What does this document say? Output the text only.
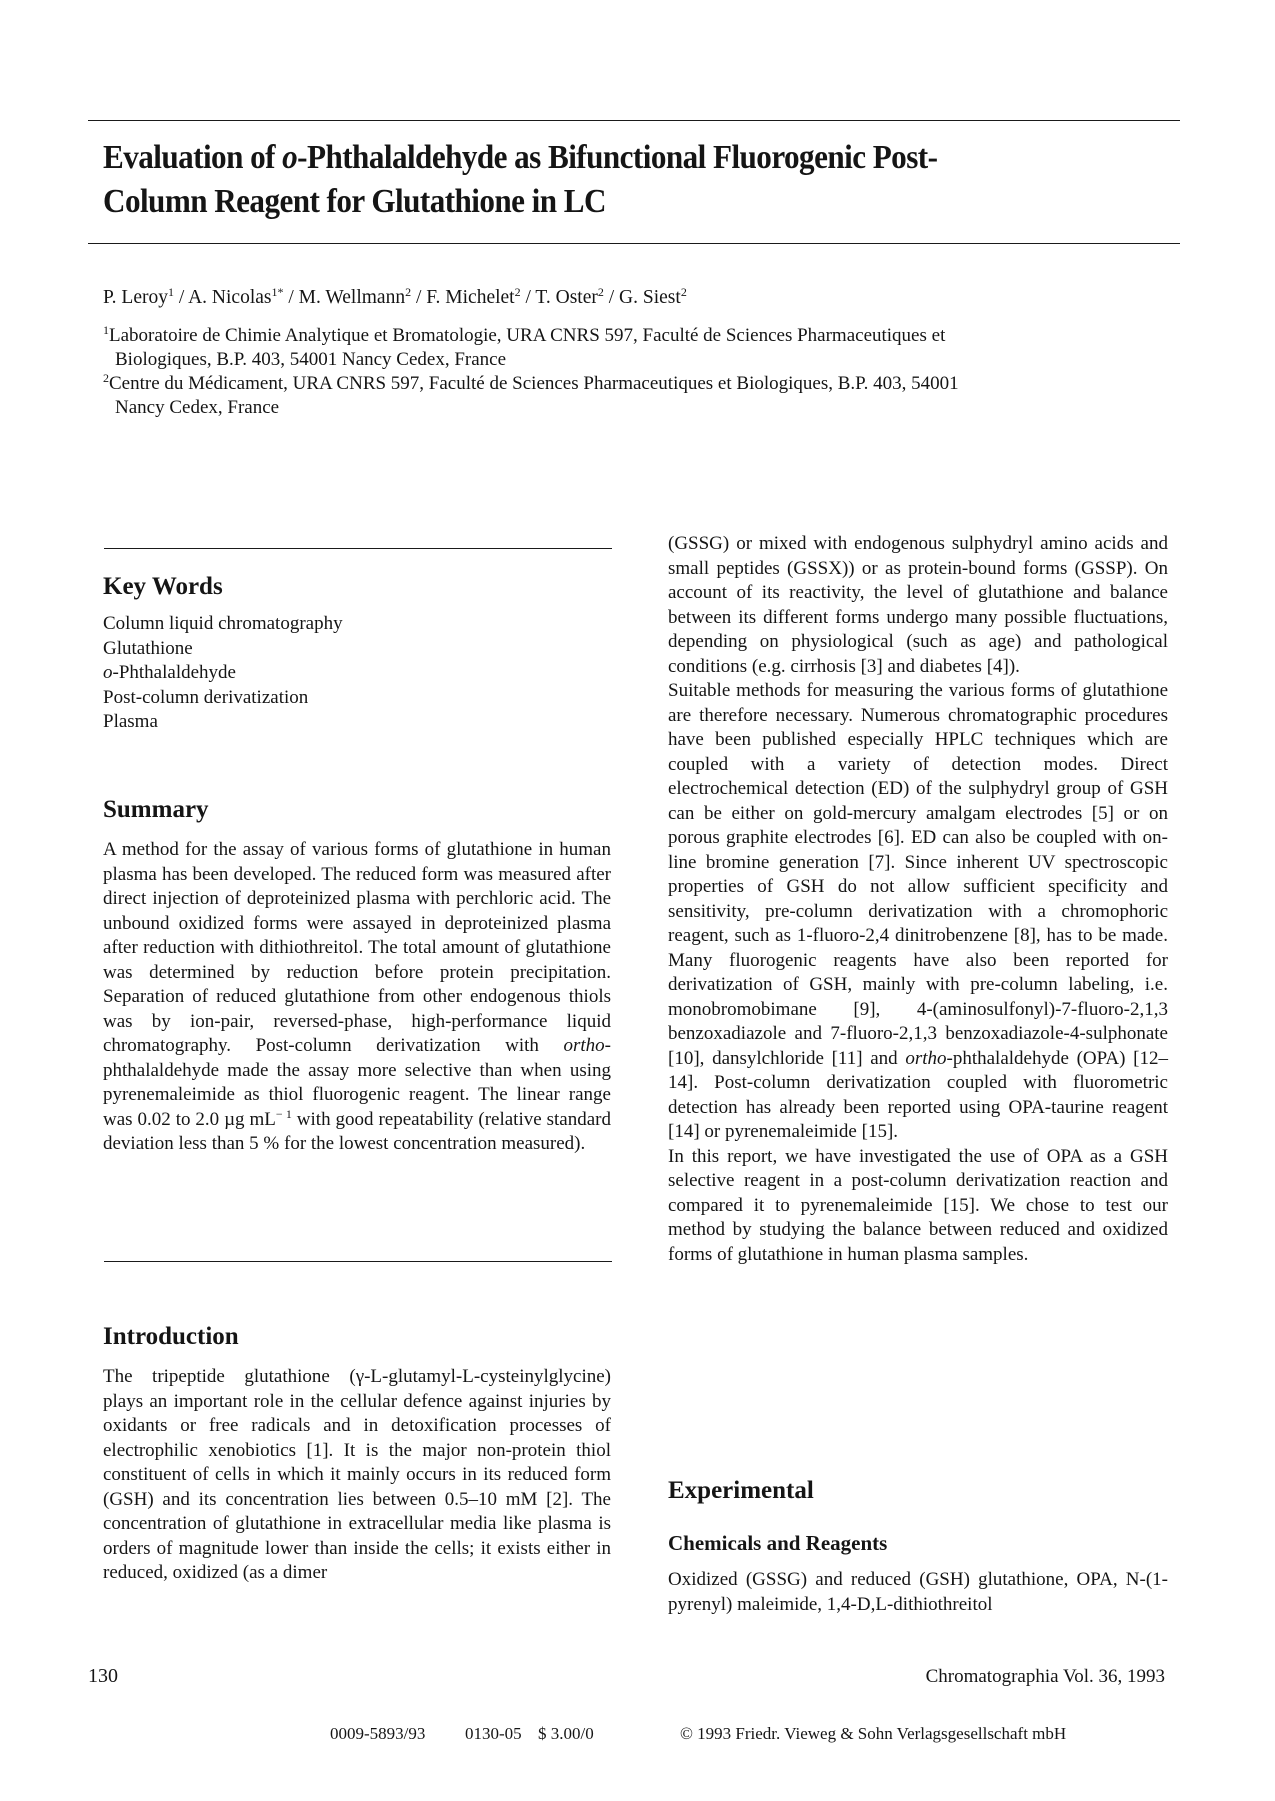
Evaluation of o-Phthalaldehyde as Bifunctional Fluorogenic Post-
Column Reagent for Glutathione in LC
P. Leroy$^1$ / A. Nicolas$^{1*}$ / M. Wellmann$^2$ / F. Michelet$^2$ / T. Oster$^2$ / G. Siest$^2$
$^1$Laboratoire de Chimie Analytique et Bromatologie, URA CNRS 597, Faculté de Sciences Pharmaceutiques et
Biologiques, B.P. 403, 54001 Nancy Cedex, France
$^2$Centre du Médicament, URA CNRS 597, Faculté de Sciences Pharmaceutiques et Biologiques, B.P. 403, 54001
Nancy Cedex, France
Key Words
Column liquid chromatography
Glutathione
o-Phthalaldehyde
Post-column derivatization
Plasma
Summary

A method for the assay of various forms of glutathione in human plasma has been developed. The reduced form was measured after direct injection of deproteinized plasma with perchloric acid. The unbound oxidized forms were assayed in deproteinized plasma after reduction with dithiothreitol. The total amount of glutathione was determined by reduction before protein precipitation. Separation of reduced glutathione from other endogenous thiols was by ion-pair, reversed-phase, high-performance liquid chromatography. Post-column derivatization with ortho-phthalaldehyde made the assay more selective than when using pyrenemaleimide as thiol fluorogenic reagent. The linear range was 0.02 to 2.0 µg $mL^{- 1}$ with good repeatability (relative standard deviation less than 5 % for the lowest concentration measured).

Introduction

The tripeptide glutathione (γ-L-glutamyl-L-cysteinylglycine) plays an important role in the cellular defence against injuries by oxidants or free radicals and in detoxification processes of electrophilic xenobiotics [1]. It is the major non-protein thiol constituent of cells in which it mainly occurs in its reduced form (GSH) and its concentration lies between 0.5–10 mM [2]. The concentration of glutathione in extracellular media like plasma is orders of magnitude lower than inside the cells; it exists either in reduced, oxidized (as a dimer

(GSSG) or mixed with endogenous sulphydryl amino acids and small peptides (GSSX)) or as protein-bound forms (GSSP). On account of its reactivity, the level of glutathione and balance between its different forms undergo many possible fluctuations, depending on physiological (such as age) and pathological conditions (e.g. cirrhosis [3] and diabetes [4]).

Suitable methods for measuring the various forms of glutathione are therefore necessary. Numerous chromatographic procedures have been published especially HPLC techniques which are coupled with a variety of detection modes. Direct electrochemical detection (ED) of the sulphydryl group of GSH can be either on gold-mercury amalgam electrodes [5] or on porous graphite electrodes [6]. ED can also be coupled with on-line bromine generation [7]. Since inherent UV spectroscopic properties of GSH do not allow sufficient specificity and sensitivity, pre-column derivatization with a chromophoric reagent, such as 1-fluoro-2,4 dinitrobenzene [8], has to be made. Many fluorogenic reagents have also been reported for derivatization of GSH, mainly with pre-column labeling, i.e. monobromobimane [9], 4-(aminosulfonyl)-7-fluoro-2,1,3 benzoxadiazole and 7-fluoro-2,1,3 benzoxadiazole-4-sulphonate [10], dansylchloride [11] and ortho-phthalaldehyde (OPA) [12–14]. Post-column derivatization coupled with fluorometric detection has already been reported using OPA-taurine reagent [14] or pyrenemaleimide [15].

In this report, we have investigated the use of OPA as a GSH selective reagent in a post-column derivatization reaction and compared it to pyrenemaleimide [15]. We chose to test our method by studying the balance between reduced and oxidized forms of glutathione in human plasma samples.

Experimental
Chemicals and Reagents

Oxidized (GSSG) and reduced (GSH) glutathione, OPA, N-(1-pyrenyl) maleimide, 1,4-D,L-dithiothreitol

130	Chromatographia Vol. 36, 1993
0009-5893/93 0130-05 $ 3.00/0	© 1993 Friedr. Vieweg & Sohn Verlagsgesellschaft mbH
